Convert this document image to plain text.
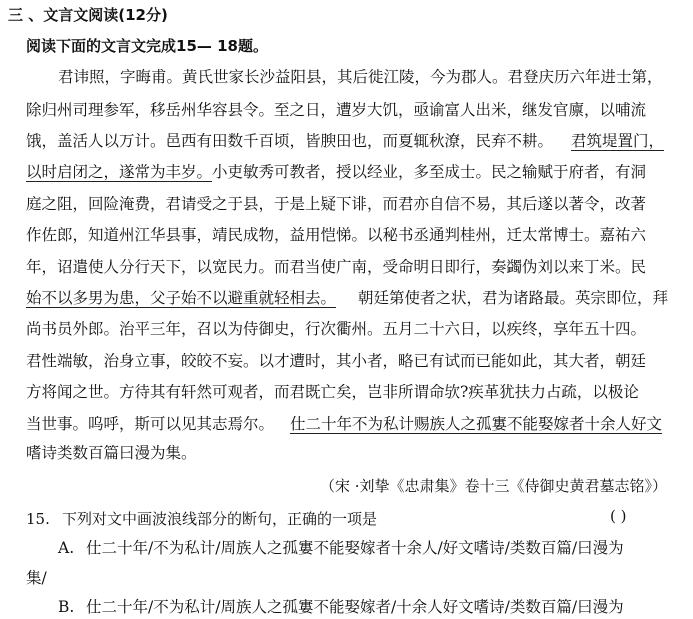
三 、文言文阅读(12分)
阅读下面的文言文完成15— 18题。
君讳照，字晦甫。黄氏世家长沙益阳县，其后徙江陵，今为郡人。君登庆历六年进士第，
除归州司理参军，移岳州华容县令。至之日，遭岁大饥，亟谕富人出米，继发官廪，以哺流
饿，盖活人以万计。邑西有田数千百顷，皆腴田也，而夏辄秋潦，民弃不耕。 君筑堤置门，
以时启闭之，遂常为丰岁。小吏敏秀可教者，授以经业，多至成士。民之输赋于府者，有洞
庭之阻，回险淹费，君请受之于县，于是上疑下诽，而君亦自信不易，其后遂以著令，改著
作佐郎，知道州江华县事，靖民成物，益用恺悌。以秘书丞通判桂州，迁太常博士。嘉祐六
年，诏遣使人分行天下，以宽民力。而君当使广南，受命明日即行，奏蠲伪刘以来丁米。民
始不以多男为患，父子始不以避重就轻相去。 朝廷第使者之状，君为诸路最。英宗即位，拜
尚书员外郎。治平三年，召以为侍御史，行次衢州。五月二十六日，以疾终，享年五十四。
君性端敏，治身立事，皎皎不妄。以才遭时，其小者，略已有试而已能如此，其大者，朝廷
方将闻之世。方待其有轩然可观者，而君既亡矣，岂非所谓命欤?疾革犹扶力占疏，以极论
当世事。呜呼，斯可以见其志焉尔。 仕二十年不为私计赐族人之孤寠不能娶嫁者十余人好文
嗜诗类数百篇曰漫为集。
（宋 ·刘挚《忠肃集》卷十三《侍御史黄君墓志铭》）
15. 下列对文中画波浪线部分的断句，正确的一项是	( )
A. 仕二十年/不为私计/周族人之孤寠不能娶嫁者十余人/好文嗜诗/类数百篇/曰漫为
集/
B. 仕二十年/不为私计/周族人之孤寠不能娶嫁者/十余人好文嗜诗/类数百篇/曰漫为
